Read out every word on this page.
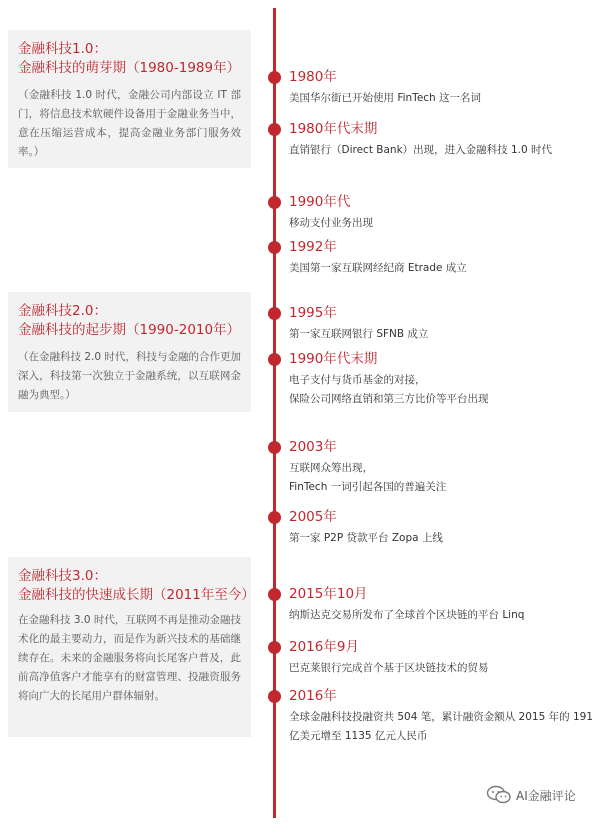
金融科技1.0：
金融科技的萌芽期（1980-1989年）
（金融科技 1.0 时代，金融公司内部设立 IT 部门，将信息技术软硬件设备用于金融业务当中，意在压缩运营成本，提高金融业务部门服务效率。）
金融科技2.0：
金融科技的起步期（1990-2010年）
（在金融科技 2.0 时代，科技与金融的合作更加深入，科技第一次独立于金融系统，以互联网金融为典型。）
金融科技3.0：
金融科技的快速成长期（2011年至今）
在金融科技 3.0 时代，互联网不再是推动金融技术化的最主要动力，而是作为新兴技术的基础继续存在。未来的金融服务将向长尾客户普及，此前高净值客户才能享有的财富管理、投融资服务将向广大的长尾用户群体辐射。
1980年
美国华尔街已开始使用 FinTech 这一名词
1980年代末期
直销银行（Direct Bank）出现，进入金融科技 1.0 时代
1990年代
移动支付业务出现
1992年
美国第一家互联网经纪商 Etrade 成立
1995年
第一家互联网银行 SFNB 成立
1990年代末期
电子支付与货币基金的对接，
保险公司网络直销和第三方比价等平台出现
2003年
互联网众筹出现，
FinTech 一词引起各国的普遍关注
2005年
第一家 P2P 贷款平台 Zopa 上线
2015年10月
纳斯达克交易所发布了全球首个区块链的平台 Linq
2016年9月
巴克莱银行完成首个基于区块链技术的贸易
2016年
全球金融科技投融资共 504 笔，累计融资金额从 2015 年的 191
亿美元增至 1135 亿元人民币
AI金融评论
